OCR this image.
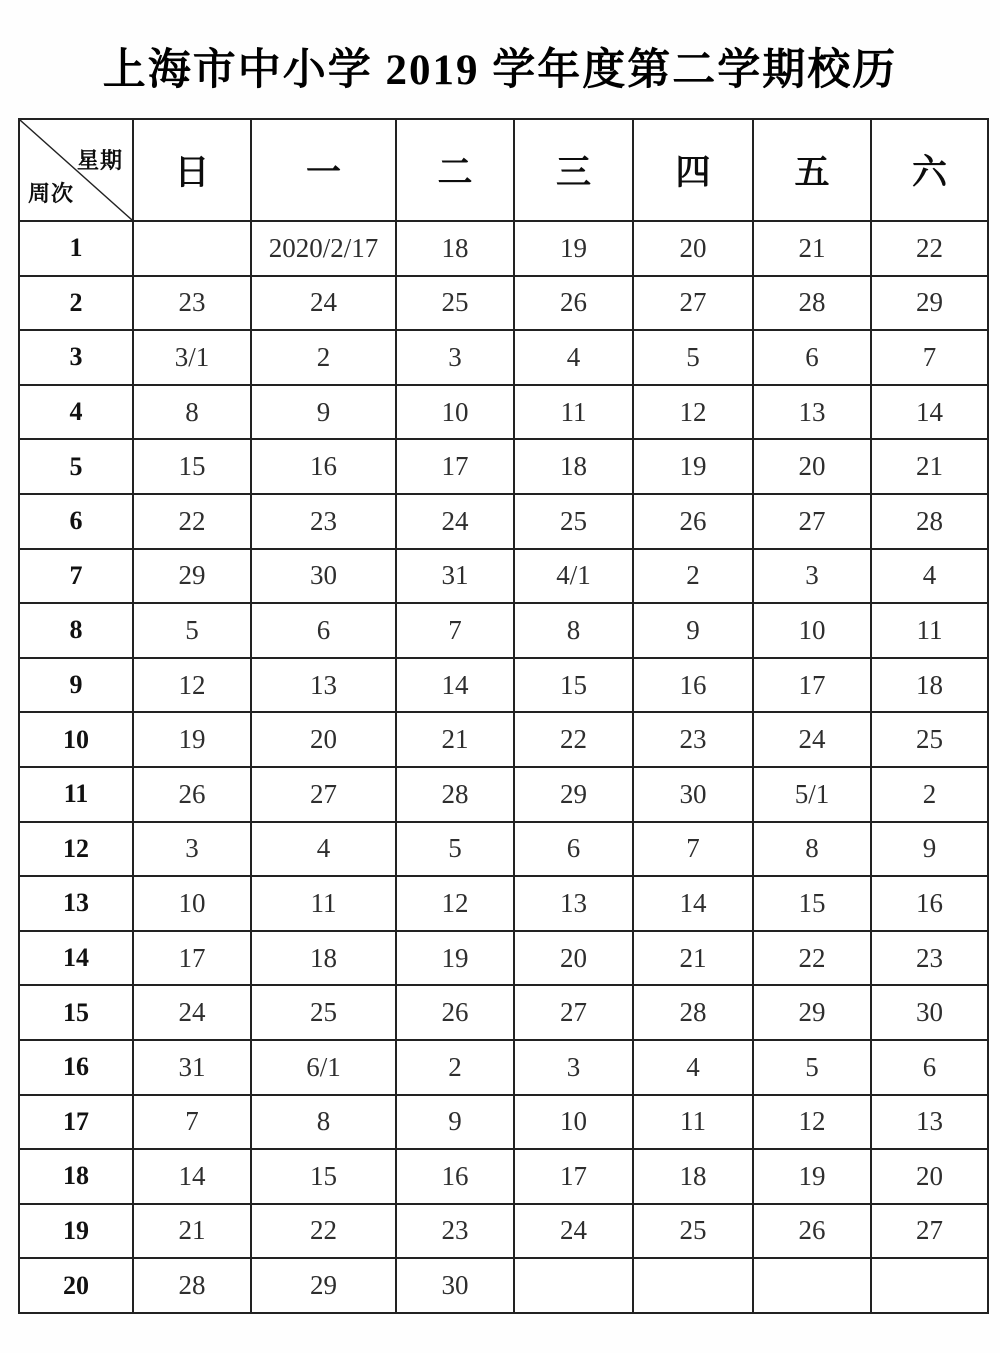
上海市中小学 2019 学年度第二学期校历
星期
周次	日	一	二	三	四	五	六
1		2020/2/17	18	19	20	21	22
2	23	24	25	26	27	28	29
3	3/1	2	3	4	5	6	7
4	8	9	10	11	12	13	14
5	15	16	17	18	19	20	21
6	22	23	24	25	26	27	28
7	29	30	31	4/1	2	3	4
8	5	6	7	8	9	10	11
9	12	13	14	15	16	17	18
10	19	20	21	22	23	24	25
11	26	27	28	29	30	5/1	2
12	3	4	5	6	7	8	9
13	10	11	12	13	14	15	16
14	17	18	19	20	21	22	23
15	24	25	26	27	28	29	30
16	31	6/1	2	3	4	5	6
17	7	8	9	10	11	12	13
18	14	15	16	17	18	19	20
19	21	22	23	24	25	26	27
20	28	29	30				
